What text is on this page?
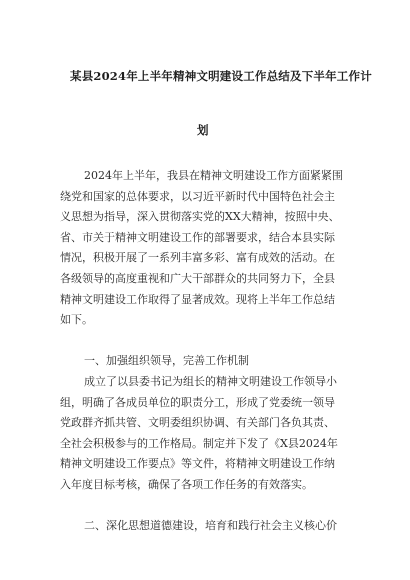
某县2024年上半年精神文明建设工作总结及下半年工作计
划
2024年上半年，我县在精神文明建设工作方面紧紧围
绕党和国家的总体要求，以习近平新时代中国特色社会主
义思想为指导，深入贯彻落实党的XX大精神，按照中央、
省、市关于精神文明建设工作的部署要求，结合本县实际
情况，积极开展了一系列丰富多彩、富有成效的活动。在
各级领导的高度重视和广大干部群众的共同努力下，全县
精神文明建设工作取得了显著成效。现将上半年工作总结
如下。
一、加强组织领导，完善工作机制
成立了以县委书记为组长的精神文明建设工作领导小
组，明确了各成员单位的职责分工，形成了党委统一领导
党政群齐抓共管、文明委组织协调、有关部门各负其责、
全社会积极参与的工作格局。制定并下发了《X县2024年
精神文明建设工作要点》等文件，将精神文明建设工作纳
入年度目标考核，确保了各项工作任务的有效落实。
二、深化思想道德建设，培育和践行社会主义核心价
